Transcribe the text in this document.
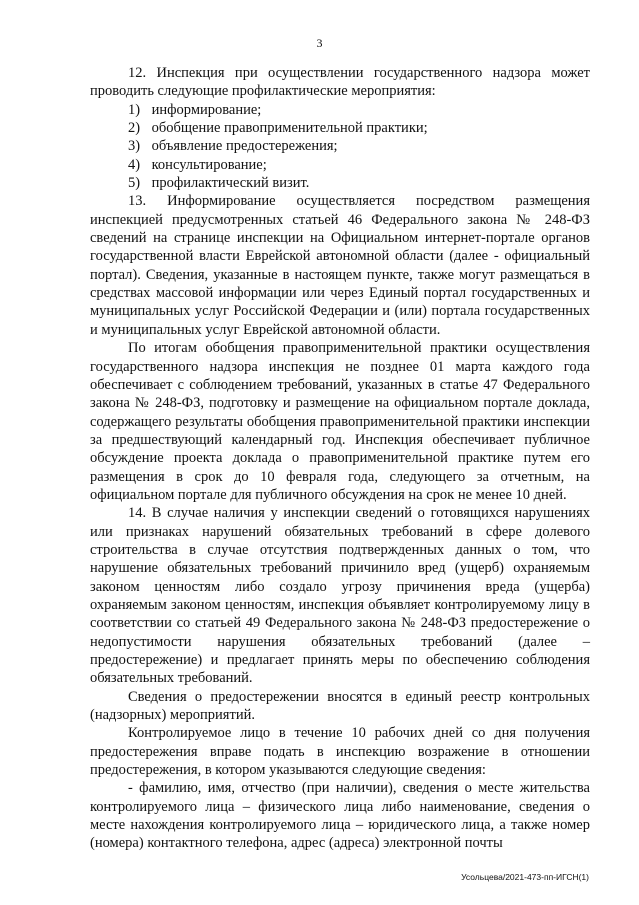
3

12. Инспекция при осуществлении государственного надзора может проводить следующие профилактические мероприятия:

1) информирование;
2) обобщение правоприменительной практики;
3) объявление предостережения;
4) консультирование;
5) профилактический визит.

13. Информирование осуществляется посредством размещения инспекцией предусмотренных статьей 46 Федерального закона № 248-ФЗ сведений на странице инспекции на Официальном интернет-портале органов государственной власти Еврейской автономной области (далее - официальный портал). Сведения, указанные в настоящем пункте, также могут размещаться в средствах массовой информации или через Единый портал государственных и муниципальных услуг Российской Федерации и (или) портала государственных и муниципальных услуг Еврейской автономной области.

По итогам обобщения правоприменительной практики осуществления государственного надзора инспекция не позднее 01 марта каждого года обеспечивает с соблюдением требований, указанных в статье 47 Федерального закона № 248-ФЗ, подготовку и размещение на официальном портале доклада, содержащего результаты обобщения правоприменительной практики инспекции за предшествующий календарный год. Инспекция обеспечивает публичное обсуждение проекта доклада о правоприменительной практике путем его размещения в срок до 10 февраля года, следующего за отчетным, на официальном портале для публичного обсуждения на срок не менее 10 дней.

14. В случае наличия у инспекции сведений о готовящихся нарушениях или признаках нарушений обязательных требований в сфере долевого строительства в случае отсутствия подтвержденных данных о том, что нарушение обязательных требований причинило вред (ущерб) охраняемым законом ценностям либо создало угрозу причинения вреда (ущерба) охраняемым законом ценностям, инспекция объявляет контролируемому лицу в соответствии со статьей 49 Федерального закона № 248-ФЗ предостережение о недопустимости нарушения обязательных требований (далее – предостережение) и предлагает принять меры по обеспечению соблюдения обязательных требований.

Сведения о предостережении вносятся в единый реестр контрольных (надзорных) мероприятий.

Контролируемое лицо в течение 10 рабочих дней со дня получения предостережения вправе подать в инспекцию возражение в отношении предостережения, в котором указываются следующие сведения:

- фамилию, имя, отчество (при наличии), сведения о месте жительства контролируемого лица – физического лица либо наименование, сведения о месте нахождения контролируемого лица – юридического лица, а также номер (номера) контактного телефона, адрес (адреса) электронной почты

Усольцева/2021-473-пп-ИГСН(1)
